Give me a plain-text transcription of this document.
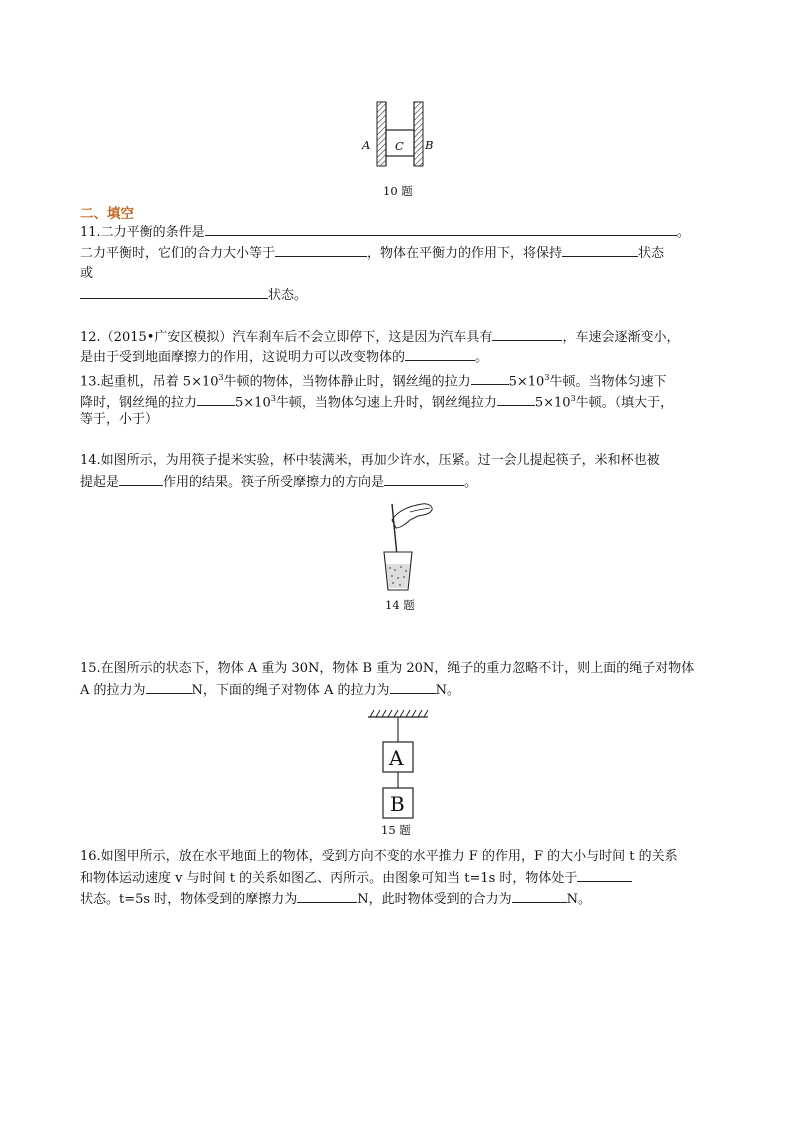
A C B
10 题
二、填空
11.二力平衡的条件是	。
二力平衡时，它们的合力大小等于	，物体在平衡力的作用下，将保持	状态
或
状态。
12.（2015•广安区模拟）汽车刹车后不会立即停下，这是因为汽车具有	，车速会逐渐变小，
是由于受到地面摩擦力的作用，这说明力可以改变物体的	。
13.起重机，吊着 $5\times 10^3$牛顿的物体，当物体静止时，钢丝绳的拉力	$5\times 10^3$牛顿。当物体匀速下
降时，钢丝绳的拉力	$5\times 10^3$牛顿，当物体匀速上升时，钢丝绳拉力	$5\times 10^3$牛顿。（填大于，
等于，小于）
14.如图所示，为用筷子提米实验，杯中装满米，再加少许水，压紧。过一会儿提起筷子，米和杯也被
提起是	作用的结果。筷子所受摩擦力的方向是	。
14 题
15.在图所示的状态下，物体 A 重为 30N，物体 B 重为 20N，绳子的重力忽略不计，则上面的绳子对物体
A 的拉力为	N，下面的绳子对物体 A 的拉力为	N。
A
B
15 题
16.如图甲所示，放在水平地面上的物体，受到方向不变的水平推力 F 的作用，F 的大小与时间 t 的关系
和物体运动速度 v 与时间 t 的关系如图乙、丙所示。由图象可知当 t=1s 时，物体处于
状态。t=5s 时，物体受到的摩擦力为	N，此时物体受到的合力为	N。
